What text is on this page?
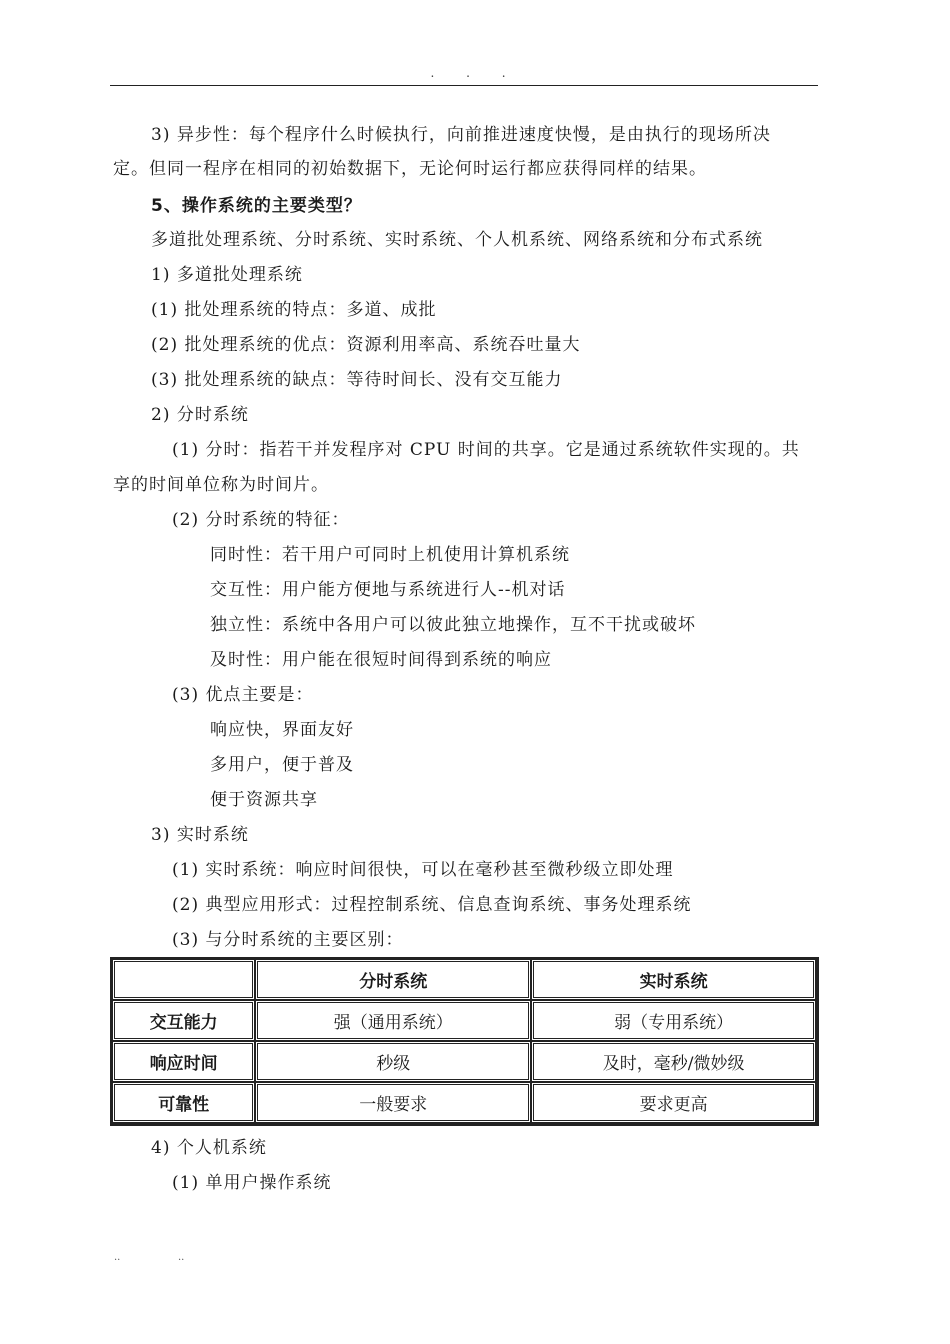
. . .
3) 异步性：每个程序什么时候执行，向前推进速度快慢，是由执行的现场所决
定。但同一程序在相同的初始数据下，无论何时运行都应获得同样的结果。
5、操作系统的主要类型？
多道批处理系统、分时系统、实时系统、个人机系统、网络系统和分布式系统
1) 多道批处理系统
(1) 批处理系统的特点：多道、成批
(2) 批处理系统的优点：资源利用率高、系统吞吐量大
(3) 批处理系统的缺点：等待时间长、没有交互能力
2) 分时系统
(1) 分时：指若干并发程序对 CPU 时间的共享。它是通过系统软件实现的。共
享的时间单位称为时间片。
(2) 分时系统的特征：
同时性：若干用户可同时上机使用计算机系统
交互性：用户能方便地与系统进行人--机对话
独立性：系统中各用户可以彼此独立地操作，互不干扰或破坏
及时性：用户能在很短时间得到系统的响应
(3) 优点主要是：
响应快，界面友好
多用户，便于普及
便于资源共享
3) 实时系统
(1) 实时系统：响应时间很快，可以在毫秒甚至微秒级立即处理
(2) 典型应用形式：过程控制系统、信息查询系统、事务处理系统
(3) 与分时系统的主要区别：
	分时系统	实时系统
交互能力	强（通用系统）	弱（专用系统）
响应时间	秒级	及时，毫秒/微妙级
可靠性	一般要求	要求更高
4) 个人机系统
(1) 单用户操作系统
..	..
